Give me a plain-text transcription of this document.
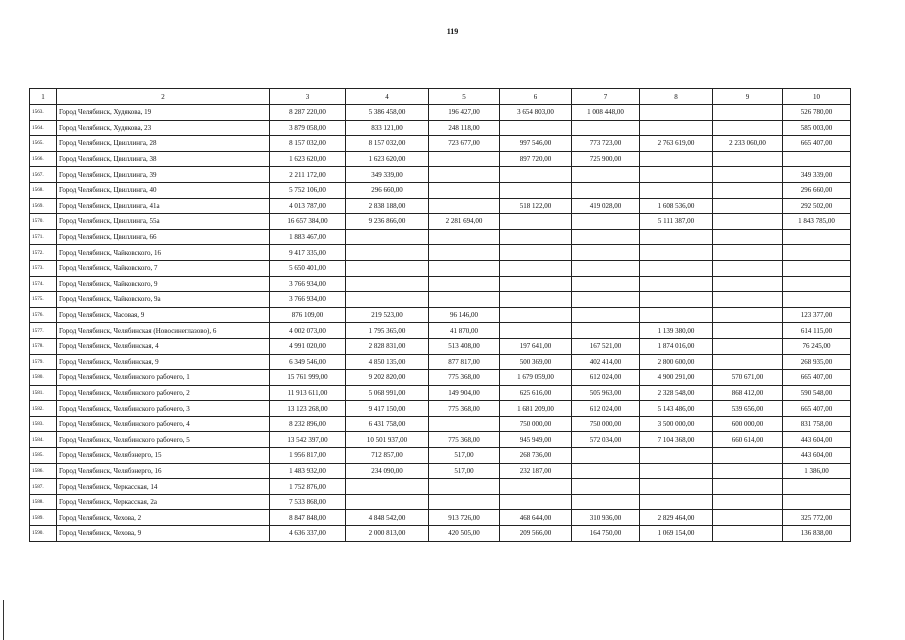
119
1	2	3	4	5	6	7	8	9	10
1563.	Город Челябинск, Худякова, 19	8 287 220,00	5 386 458,00	196 427,00	3 654 803,00	1 008 448,00			526 780,00
1564.	Город Челябинск, Худякова, 23	3 879 058,00	833 121,00	248 118,00					585 003,00
1565.	Город Челябинск, Цвиллинга, 28	8 157 032,00	8 157 032,00	723 677,00	997 546,00	773 723,00	2 763 619,00	2 233 060,00	665 407,00
1566.	Город Челябинск, Цвиллинга, 38	1 623 620,00	1 623 620,00		897 720,00	725 900,00			
1567.	Город Челябинск, Цвиллинга, 39	2 211 172,00	349 339,00						349 339,00
1568.	Город Челябинск, Цвиллинга, 40	5 752 106,00	296 660,00						296 660,00
1569.	Город Челябинск, Цвиллинга, 41а	4 013 787,00	2 838 188,00		518 122,00	419 028,00	1 608 536,00		292 502,00
1570.	Город Челябинск, Цвиллинга, 55а	16 657 384,00	9 236 866,00	2 281 694,00			5 111 387,00		1 843 785,00
1571.	Город Челябинск, Цвиллинга, 66	1 883 467,00							
1572.	Город Челябинск, Чайковского, 16	9 417 335,00							
1573.	Город Челябинск, Чайковского, 7	5 650 401,00							
1574.	Город Челябинск, Чайковского, 9	3 766 934,00							
1575.	Город Челябинск, Чайковского, 9а	3 766 934,00							
1576.	Город Челябинск, Часовая, 9	876 109,00	219 523,00	96 146,00					123 377,00
1577.	Город Челябинск, Челябинская (Новосинеглазово), 6	4 002 073,00	1 795 365,00	41 870,00			1 139 380,00		614 115,00
1578.	Город Челябинск, Челябинская, 4	4 991 020,00	2 828 831,00	513 408,00	197 641,00	167 521,00	1 874 016,00		76 245,00
1579.	Город Челябинск, Челябинская, 9	6 349 546,00	4 850 135,00	877 817,00	500 369,00	402 414,00	2 800 600,00		268 935,00
1580.	Город Челябинск, Челябинского рабочего, 1	15 761 999,00	9 202 820,00	775 368,00	1 679 059,00	612 024,00	4 900 291,00	570 671,00	665 407,00
1581.	Город Челябинск, Челябинского рабочего, 2	11 913 611,00	5 068 991,00	149 904,00	625 616,00	505 963,00	2 328 548,00	868 412,00	590 548,00
1582.	Город Челябинск, Челябинского рабочего, 3	13 123 268,00	9 417 150,00	775 368,00	1 681 209,00	612 024,00	5 143 486,00	539 656,00	665 407,00
1583.	Город Челябинск, Челябинского рабочего, 4	8 232 896,00	6 431 758,00		750 000,00	750 000,00	3 500 000,00	600 000,00	831 758,00
1584.	Город Челябинск, Челябинского рабочего, 5	13 542 397,00	10 501 937,00	775 368,00	945 949,00	572 034,00	7 104 368,00	660 614,00	443 604,00
1585.	Город Челябинск, Челябэнерго, 15	1 956 817,00	712 857,00	517,00	268 736,00				443 604,00
1586.	Город Челябинск, Челябэнерго, 16	1 483 932,00	234 090,00	517,00	232 187,00				1 386,00
1587.	Город Челябинск, Черкасская, 14	1 752 876,00							
1588.	Город Челябинск, Черкасская, 2а	7 533 868,00							
1589.	Город Челябинск, Чехова, 2	8 847 848,00	4 848 542,00	913 726,00	468 644,00	310 936,00	2 829 464,00		325 772,00
1590.	Город Челябинск, Чехова, 9	4 636 337,00	2 000 813,00	420 505,00	209 566,00	164 750,00	1 069 154,00		136 838,00
